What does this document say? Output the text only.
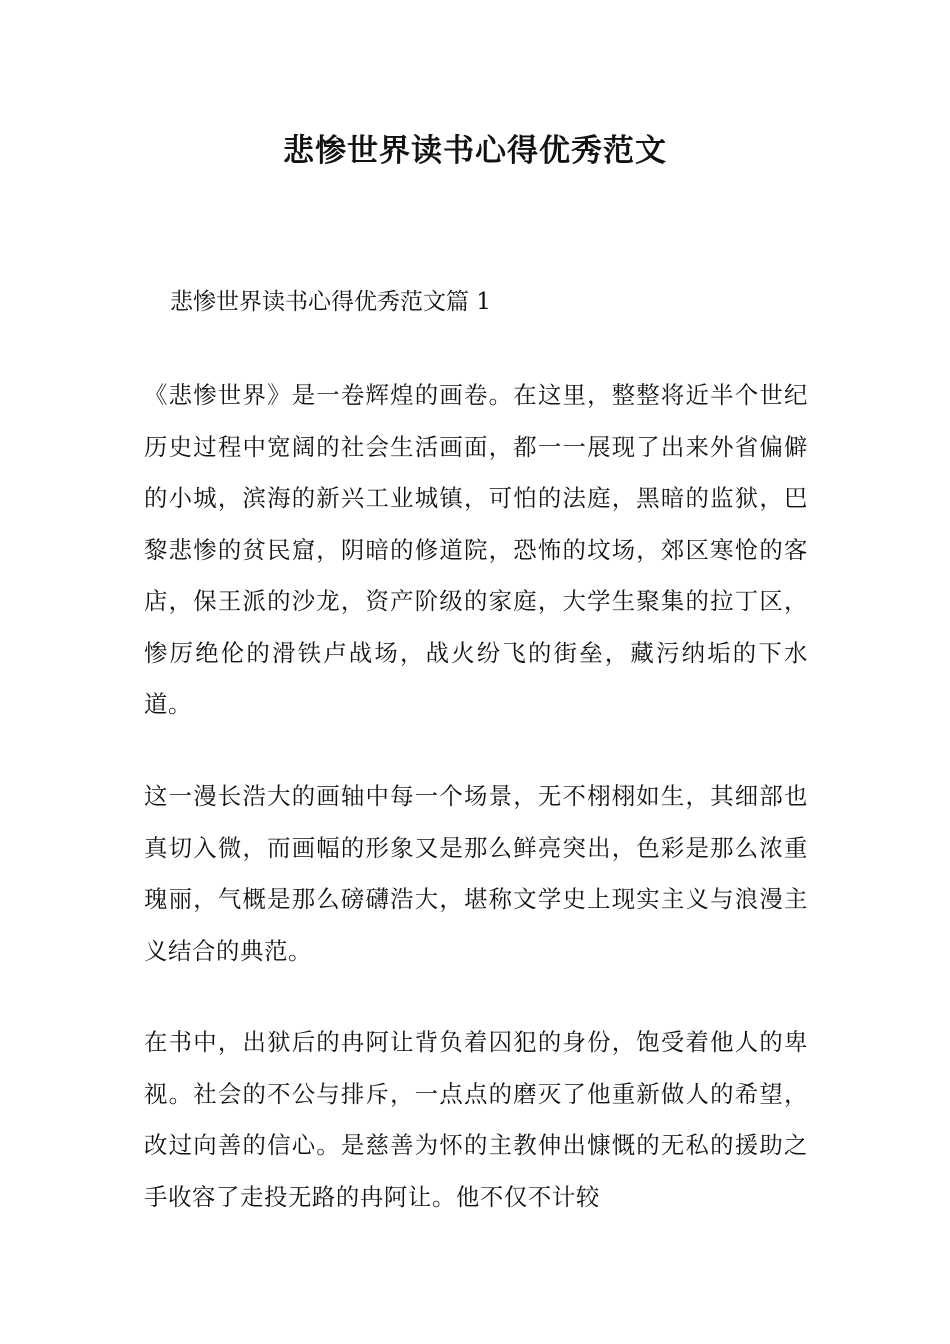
悲惨世界读书心得优秀范文

悲惨世界读书心得优秀范文篇 1

《悲惨世界》是一卷辉煌的画卷。在这里，整整将近半个世纪历史过程中宽阔的社会生活画面，都一一展现了出来外省偏僻的小城，滨海的新兴工业城镇，可怕的法庭，黑暗的监狱，巴黎悲惨的贫民窟，阴暗的修道院，恐怖的坟场，郊区寒怆的客店，保王派的沙龙，资产阶级的家庭，大学生聚集的拉丁区，惨厉绝伦的滑铁卢战场，战火纷飞的街垒，藏污纳垢的下水道。

这一漫长浩大的画轴中每一个场景，无不栩栩如生，其细部也真切入微，而画幅的形象又是那么鲜亮突出，色彩是那么浓重瑰丽，气概是那么磅礴浩大，堪称文学史上现实主义与浪漫主义结合的典范。

在书中，出狱后的冉阿让背负着囚犯的身份，饱受着他人的卑视。社会的不公与排斥，一点点的磨灭了他重新做人的希望，改过向善的信心。是慈善为怀的主教伸出慷慨的无私的援助之手收容了走投无路的冉阿让。他不仅不计较
